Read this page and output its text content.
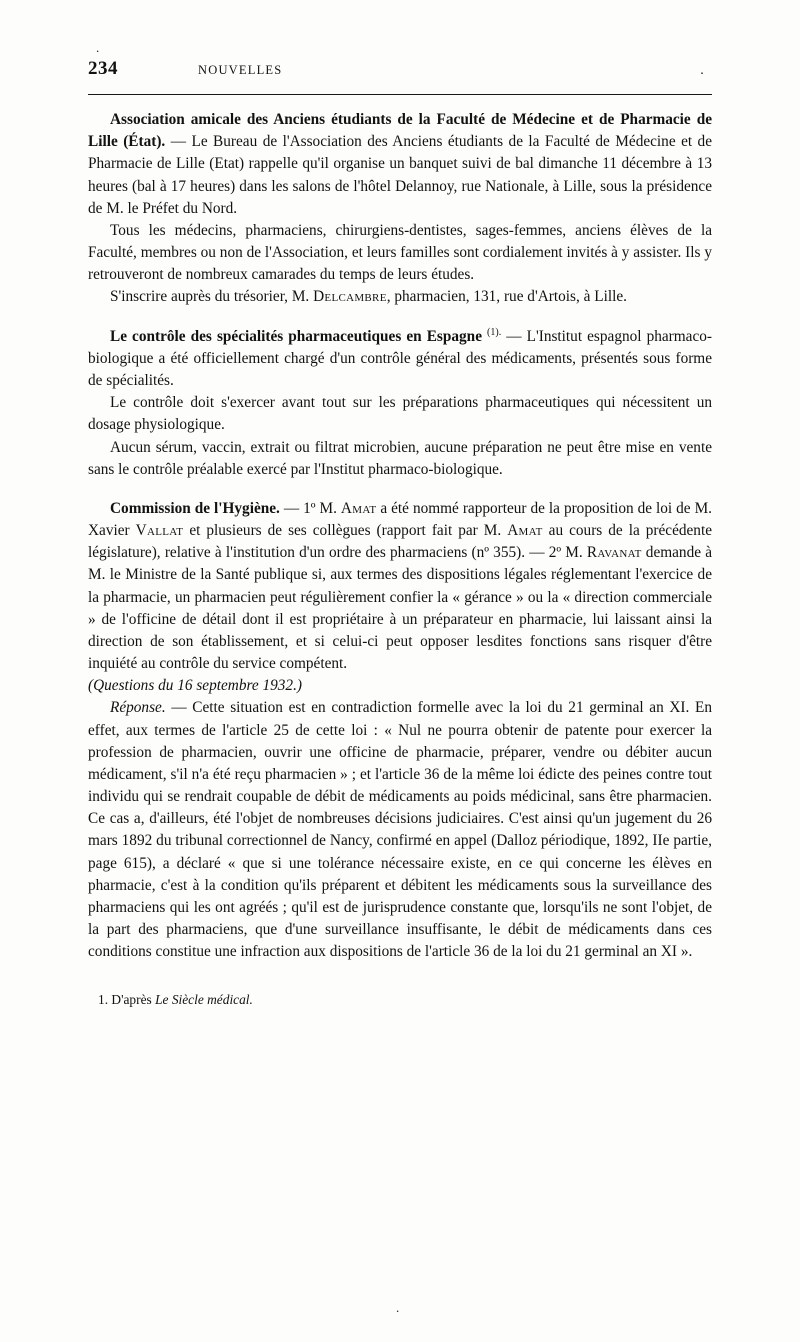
.
234	NOUVELLES	.

Association amicale des Anciens étudiants de la Faculté de Médecine et de Pharmacie de Lille (État). — Le Bureau de l'Association des Anciens étudiants de la Faculté de Médecine et de Pharmacie de Lille (Etat) rappelle qu'il organise un banquet suivi de bal dimanche 11 décembre à 13 heures (bal à 17 heures) dans les salons de l'hôtel Delannoy, rue Nationale, à Lille, sous la présidence de M. le Préfet du Nord.

Tous les médecins, pharmaciens, chirurgiens-dentistes, sages-femmes, anciens élèves de la Faculté, membres ou non de l'Association, et leurs familles sont cordialement invités à y assister. Ils y retrouveront de nombreux camarades du temps de leurs études.

S'inscrire auprès du trésorier, M. Delcambre, pharmacien, 131, rue d'Artois, à Lille.

Le contrôle des spécialités pharmaceutiques en Espagne $^{(1).}$ — L'Institut espagnol pharmaco-biologique a été officiellement chargé d'un contrôle général des médicaments, présentés sous forme de spécialités.

Le contrôle doit s'exercer avant tout sur les préparations pharmaceutiques qui nécessitent un dosage physiologique.

Aucun sérum, vaccin, extrait ou filtrat microbien, aucune préparation ne peut être mise en vente sans le contrôle préalable exercé par l'Institut pharmaco-biologique.

Commission de l'Hygiène. — 1º M. Amat a été nommé rapporteur de la proposition de loi de M. Xavier Vallat et plusieurs de ses collègues (rapport fait par M. Amat au cours de la précédente législature), relative à l'institution d'un ordre des pharmaciens (nº 355). — 2º M. Ravanat demande à M. le Ministre de la Santé publique si, aux termes des dispositions légales réglementant l'exercice de la pharmacie, un pharmacien peut régulièrement confier la « gérance » ou la « direction commerciale » de l'officine de détail dont il est propriétaire à un préparateur en pharmacie, lui laissant ainsi la direction de son établissement, et si celui-ci peut opposer lesdites fonctions sans risquer d'être inquiété au contrôle du service compétent.

(Questions du 16 septembre 1932.)

Réponse. — Cette situation est en contradiction formelle avec la loi du 21 germinal an XI. En effet, aux termes de l'article 25 de cette loi : « Nul ne pourra obtenir de patente pour exercer la profession de pharmacien, ouvrir une officine de pharmacie, préparer, vendre ou débiter aucun médicament, s'il n'a été reçu pharmacien » ; et l'article 36 de la même loi édicte des peines contre tout individu qui se rendrait coupable de débit de médicaments au poids médicinal, sans être pharmacien. Ce cas a, d'ailleurs, été l'objet de nombreuses décisions judiciaires. C'est ainsi qu'un jugement du 26 mars 1892 du tribunal correctionnel de Nancy, confirmé en appel (Dalloz périodique, 1892, IIe partie, page 615), a déclaré « que si une tolérance nécessaire existe, en ce qui concerne les élèves en pharmacie, c'est à la condition qu'ils préparent et débitent les médicaments sous la surveillance des pharmaciens qui les ont agréés ; qu'il est de jurisprudence constante que, lorsqu'ils ne sont l'objet, de la part des pharmaciens, que d'une surveillance insuffisante, le débit de médicaments dans ces conditions constitue une infraction aux dispositions de l'article 36 de la loi du 21 germinal an XI ».

1. D'après Le Siècle médical.

.
